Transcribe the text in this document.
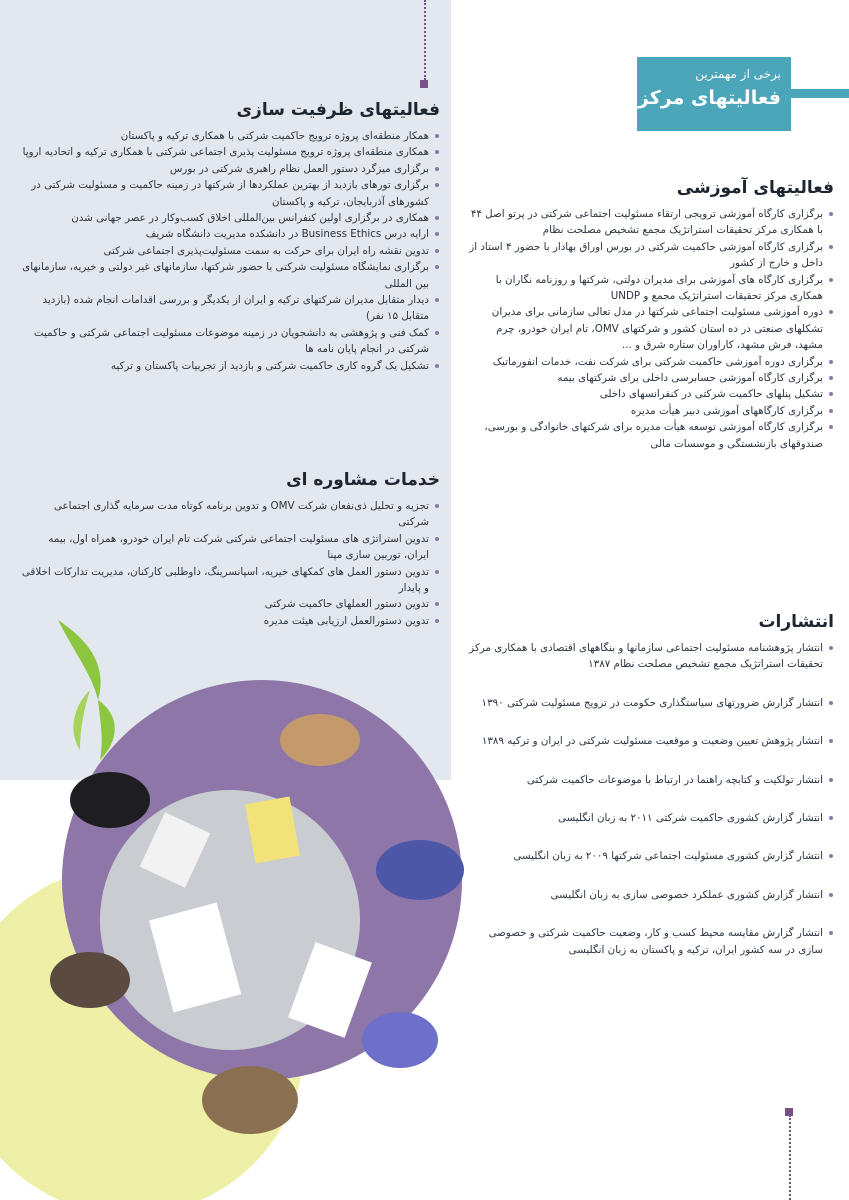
برخی از مهمترین
فعالیتهای مرکز
فعالیتهای ظرفیت سازی
همکار منطقه‌ای پروژه ترویج حاکمیت شرکتی با همکاری ترکیه و پاکستان
همکاری منطقه‌ای پروژه ترویج مسئولیت پذیری اجتماعی شرکتی با همکاری ترکیه و اتحادیه اروپا
برگزاری میزگرد دستور العمل نظام راهبری شرکتی در بورس
برگزاری تورهای بازدید از بهترین عملکردها از شرکتها در زمینه حاکمیت و مسئولیت شرکتی در کشورهای آذربایجان، ترکیه و پاکستان
همکاری در برگزاری اولین کنفرانس بین‌المللی اخلاق کسب‌وکار در عصر جهانی شدن
ارایه درس Business Ethics در دانشکده مدیریت دانشگاه شریف
تدوین نقشه راه ایران برای حرکت به سمت مسئولیت‌پذیری اجتماعی شرکتی
برگزاری نمایشگاه مسئولیت شرکتی با حضور شرکتها، سازمانهای غیر دولتی و خیریه، سازمانهای بین المللی
دیدار متقابل مدیران شرکتهای ترکیه و ایران از یکدیگر و بررسی اقدامات انجام شده (بازدید متقابل ۱۵ نفر)
کمک فنی و پژوهشی به دانشجویان در زمینه موضوعات مسئولیت اجتماعی شرکتی و حاکمیت شرکتی در انجام پایان نامه ها
تشکیل یک گروه کاری حاکمیت شرکتی و بازدید از تجربیات پاکستان و ترکیه
خدمات مشاوره ای
تجزیه و تحلیل ذی‌نفعان شرکت OMV و تدوین برنامه کوتاه مدت سرمایه گذاری اجتماعی شرکتی
تدوین استراتژی های مسئولیت اجتماعی شرکتی شرکت تام ایران خودرو، همراه اول، بیمه ایران، توربین سازی مپنا
تدوین دستور العمل های کمکهای خیریه، اسپانسرینگ، داوطلبی کارکنان، مدیریت تدارکات اخلاقی و پایدار
تدوین دستور العملهای حاکمیت شرکتی
تدوین دستورالعمل ارزیابی هیئت مدیره
فعالیتهای آموزشی
برگزاری کارگاه آموزشی ترویجی ارتقاء مسئولیت اجتماعی شرکتی در پرتو اصل ۴۴ با همکاری مرکز تحقیقات استراتژیک مجمع تشخیص مصلحت نظام
برگزاری کارگاه آموزشی حاکمیت شرکتی در بورس اوراق بهادار با حضور ۴ استاد از داخل و خارج از کشور
برگزاری کارگاه های آموزشی برای مدیران دولتی، شرکتها و روزنامه نگاران با همکاری مرکز تحقیقات استراتژیک مجمع و UNDP
دوره آموزشی مسئولیت اجتماعی شرکتها در مدل تعالی سازمانی برای مدیران تشکلهای صنعتی در ده استان کشور و شرکتهای OMV، تام ایران خودرو، چرم مشهد، فرش مشهد، کاراوران ستاره شرق و ...
برگزاری دوره آموزشی حاکمیت شرکتی برای شرکت نفت، خدمات انفورماتیک
برگزاری کارگاه آموزشی حسابرسی داخلی برای شرکتهای بیمه
تشکیل پنلهای حاکمیت شرکتی در کنفرانسهای داخلی
برگزاری کارگاههای آموزشی دبیر هیأت مدیره
برگزاری کارگاه آموزشی توسعه هیأت مدیره برای شرکتهای خانوادگی و بورسی، صندوقهای بازنشستگی و موسسات مالی
انتشارات
انتشار پژوهشنامه مسئولیت اجتماعی سازمانها و بنگاههای اقتصادی با همکاری مرکز تحقیقات استراتژیک مجمع تشخیص مصلحت نظام ۱۳۸۷
انتشار گزارش ضرورتهای سیاستگذاری حکومت در ترویج مسئولیت شرکتی ۱۳۹۰
انتشار پژوهش تعیین وضعیت و موقعیت مسئولیت شرکتی در ایران و ترکیه ۱۳۸۹
انتشار تولکیت و کتابچه راهنما در ارتباط با موضوعات حاکمیت شرکتی
انتشار گزارش کشوری حاکمیت شرکتی ۲۰۱۱ به زبان انگلیسی
انتشار گزارش کشوری مسئولیت اجتماعی شرکتها ۲۰۰۹ به زبان انگلیسی
انتشار گزارش کشوری عملکرد خصوصی سازی به زبان انگلیسی
انتشار گزارش مقایسه محیط کسب و کار، وضعیت حاکمیت شرکتی و خصوصی سازی در سه کشور ایران، ترکیه و پاکستان به زبان انگلیسی
